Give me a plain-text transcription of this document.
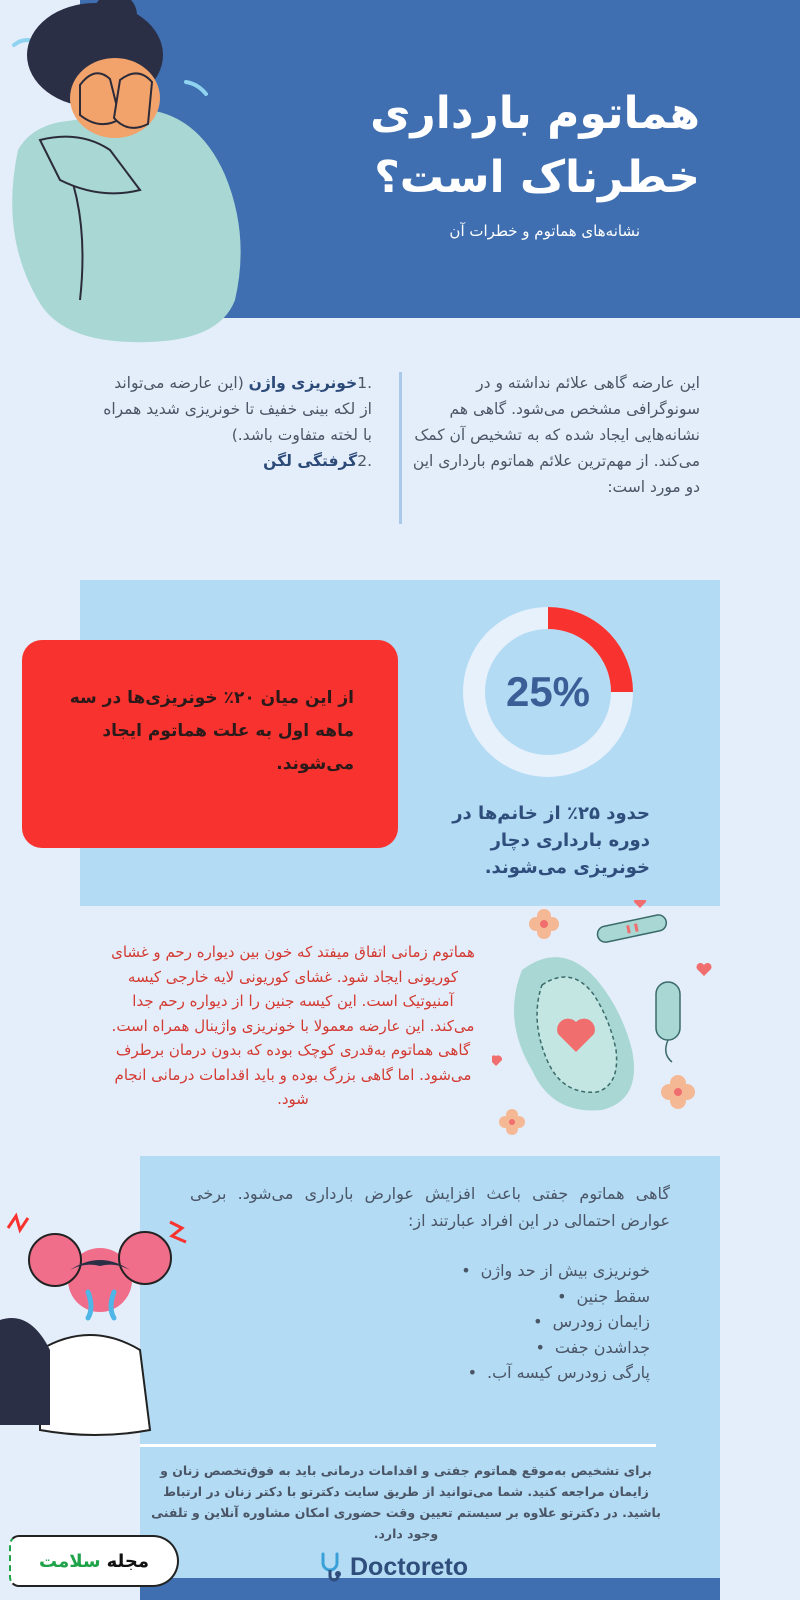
هماتوم بارداری
خطرناک است؟
نشانه‌های هماتوم و خطرات آن
این عارضه گاهی علائم نداشته و در سونوگرافی مشخص می‌شود. گاهی هم نشانه‌هایی ایجاد شده که به تشخیص آن کمک می‌کند. از مهم‌ترین علائم هماتوم بارداری این دو مورد است:
.1خونریزی واژن (این عارضه می‌تواند از لکه بینی خفیف تا خونریزی شدید همراه با لخته متفاوت باشد.)
.2گرفتگی لگن
از این میان ۲۰٪ خونریزی‌ها در سه ماهه اول به علت هماتوم ایجاد می‌شوند.
25%
حدود ۲۵٪ از خانم‌ها در دوره بارداری دچار خونریزی می‌شوند.
هماتوم زمانی اتفاق میفتد که خون بین دیواره رحم و غشای کوریونی ایجاد شود. غشای کوریونی لایه خارجی کیسه آمنیوتیک است. این کیسه جنین را از دیواره رحم جدا می‌کند. این عارضه معمولا با خونریزی واژینال همراه است. گاهی هماتوم به‌قدری کوچک بوده که بدون درمان برطرف می‌شود. اما گاهی بزرگ بوده و باید اقدامات درمانی انجام شود.
گاهی هماتوم جفتی باعث افزایش عوارض بارداری می‌شود. برخی عوارض احتمالی در این افراد عبارتند از:
خونریزی بیش از حد واژن •
سقط جنین •
زایمان زودرس •
جداشدن جفت •
پارگی زودرس کیسه آب. •
برای تشخیص به‌موقع هماتوم جفتی و اقدامات درمانی باید به فوق‌تخصص زنان و زایمان مراجعه کنید. شما می‌توانید از طریق سایت دکترتو با دکتر زنان در ارتباط باشید. در دکترتو علاوه بر سیستم تعیین وقت حضوری امکان مشاوره آنلاین و تلفنی وجود دارد.
Doctoreto
مجله
سلامت
